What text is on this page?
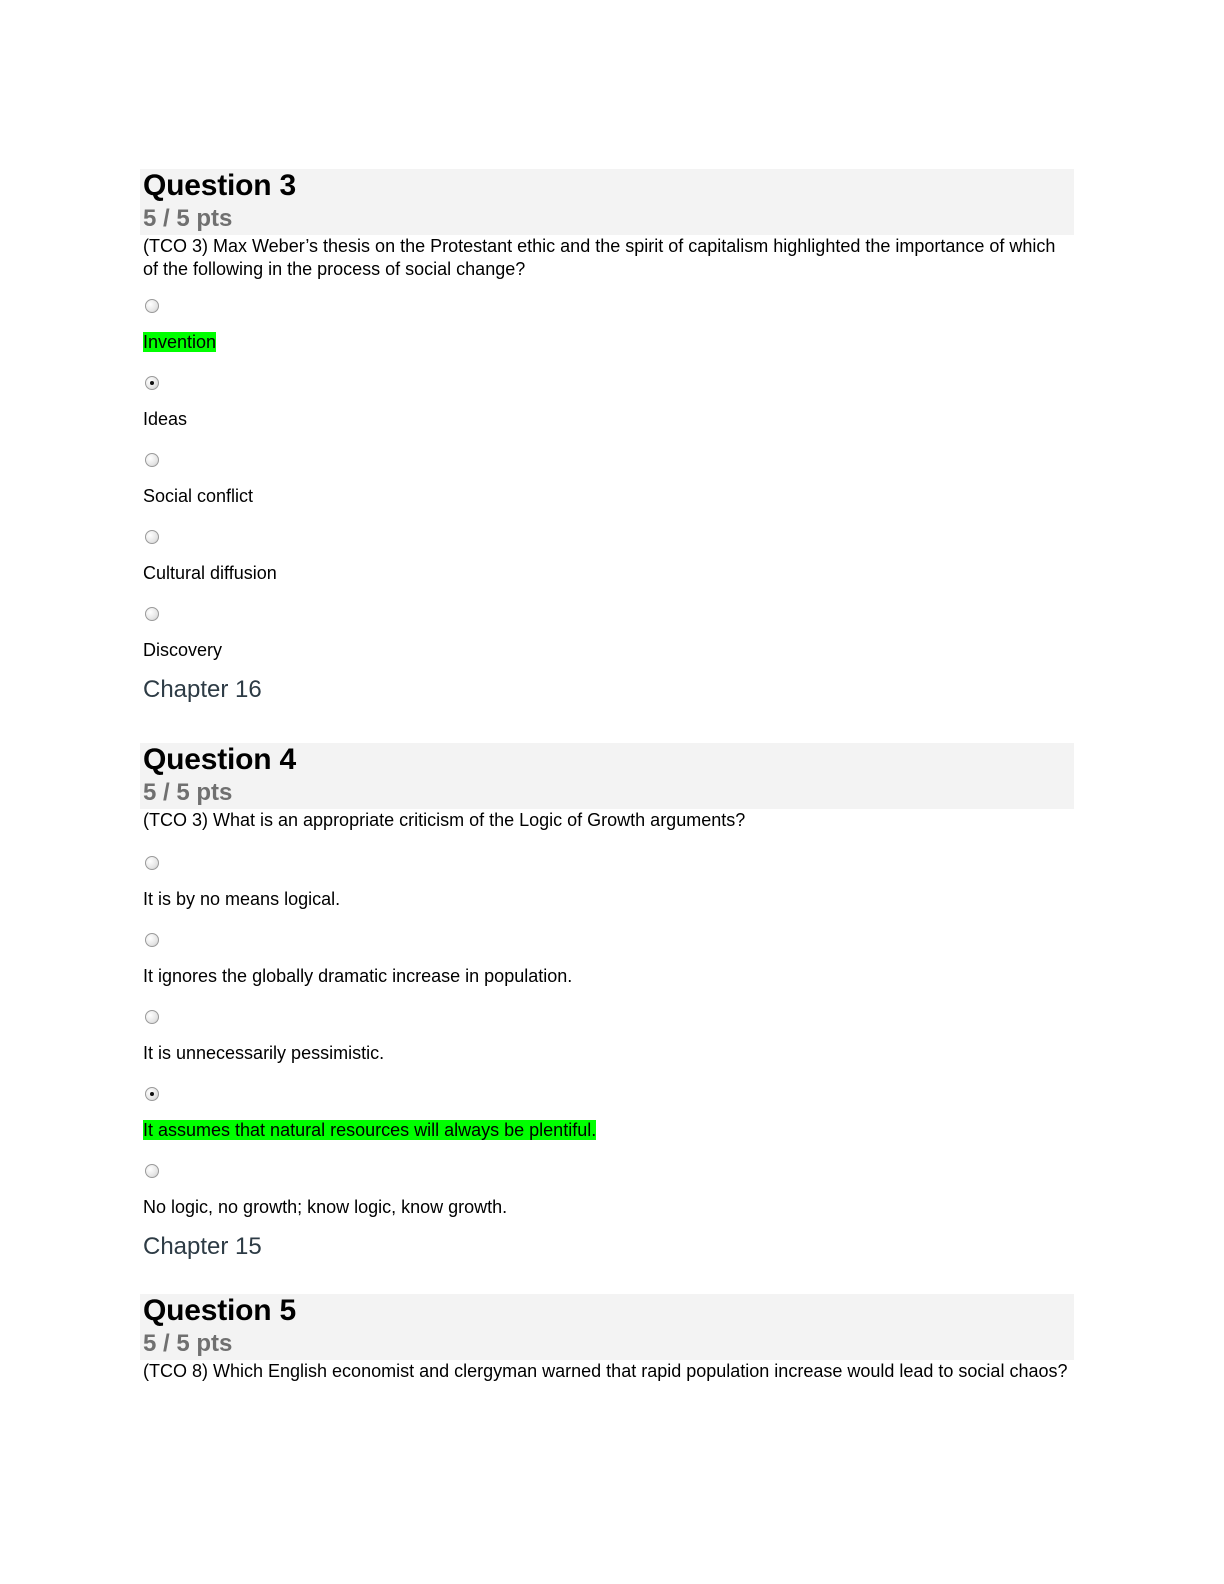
Question 3
5 / 5 pts
(TCO 3) Max Weber’s thesis on the Protestant ethic and the spirit of capitalism highlighted the importance of which of the following in the process of social change?
Invention
Ideas
Social conflict
Cultural diffusion
Discovery
Chapter 16
Question 4
5 / 5 pts
(TCO 3) What is an appropriate criticism of the Logic of Growth arguments?
It is by no means logical.
It ignores the globally dramatic increase in population.
It is unnecessarily pessimistic.
It assumes that natural resources will always be plentiful.
No logic, no growth; know logic, know growth.
Chapter 15
Question 5
5 / 5 pts
(TCO 8) Which English economist and clergyman warned that rapid population increase would lead to social chaos?
